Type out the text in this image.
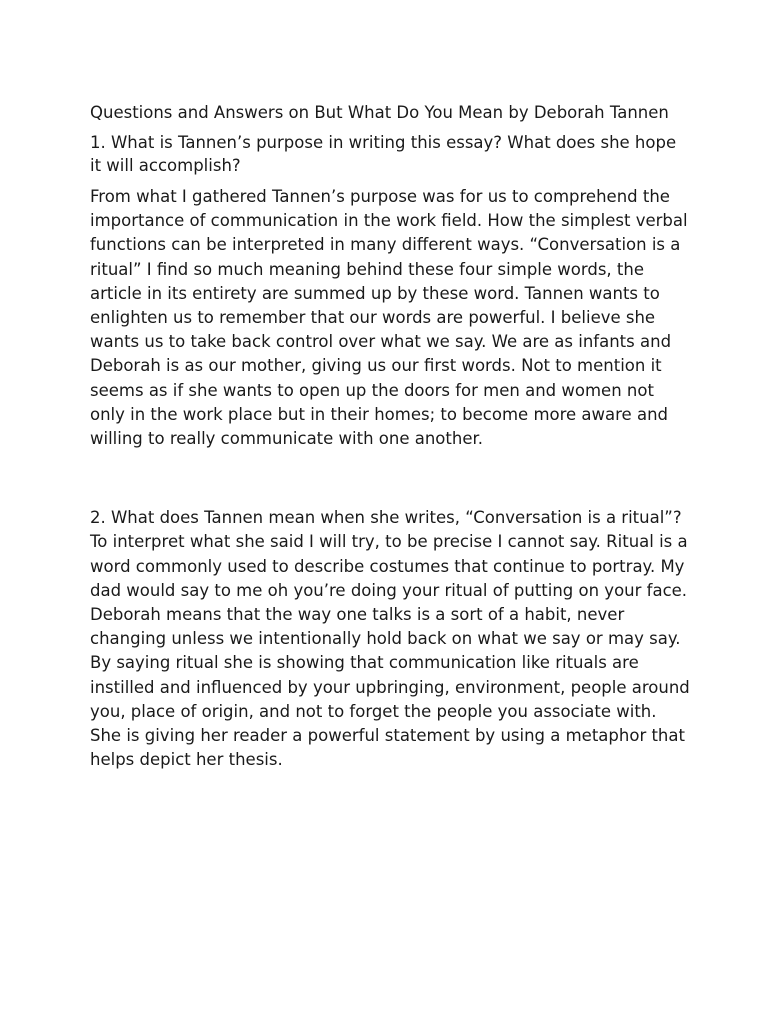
Questions and Answers on But What Do You Mean by Deborah Tannen

1. What is Tannen’s purpose in writing this essay? What does she hope it will accomplish?

From what I gathered Tannen’s purpose was for us to comprehend the importance of communication in the work field. How the simplest verbal functions can be interpreted in many different ways. “Conversation is a ritual” I find so much meaning behind these four simple words, the article in its entirety are summed up by these word. Tannen wants to enlighten us to remember that our words are powerful. I believe she wants us to take back control over what we say. We are as infants and Deborah is as our mother, giving us our first words. Not to mention it seems as if she wants to open up the doors for men and women not only in the work place but in their homes; to become more aware and willing to really communicate with one another.

2. What does Tannen mean when she writes, “Conversation is a ritual”?

To interpret what she said I will try, to be precise I cannot say. Ritual is a word commonly used to describe costumes that continue to portray. My dad would say to me oh you’re doing your ritual of putting on your face. Deborah means that the way one talks is a sort of a habit, never changing unless we intentionally hold back on what we say or may say. By saying ritual she is showing that communication like rituals are instilled and influenced by your upbringing, environment, people around you, place of origin, and not to forget the people you associate with. She is giving her reader a powerful statement by using a metaphor that helps depict her thesis.
